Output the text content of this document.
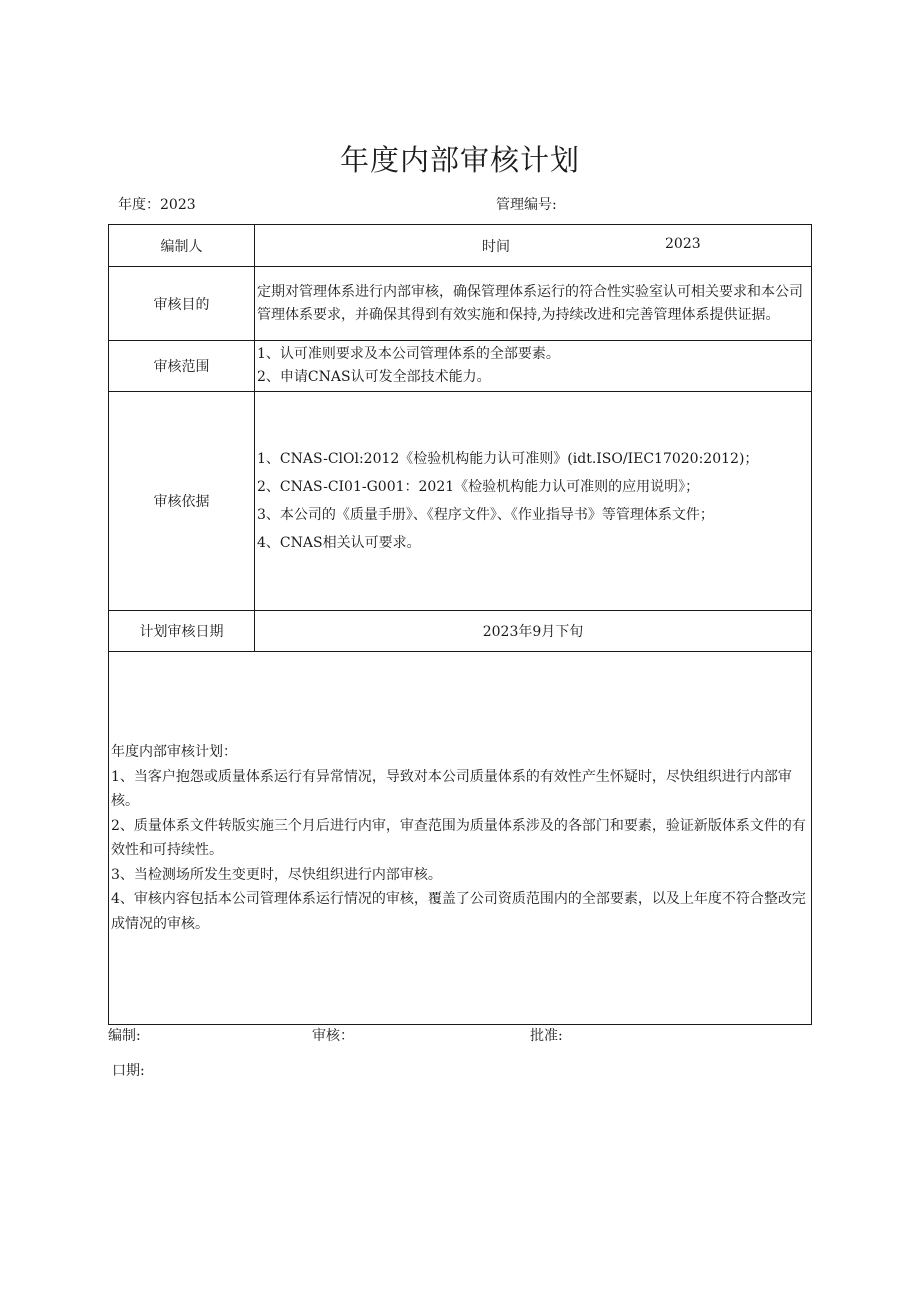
年度内部审核计划
年度：2023	管理编号:
编制人	时间 2023

审核目的	定期对管理体系进行内部审核，确保管理体系运行的符合性实验室认可相关要求和本公司管理体系要求，并确保其得到有效实施和保持,为持续改进和完善管理体系提供证据。

审核范围	1、认可准则要求及本公司管理体系的全部要素。

2、申请CNAS认可发全部技术能力。

审核依据	1、CNAS-ClOl:2012《检验机构能力认可准则》(idt.ISO/IEC17020:2012)；

2、CNAS-CI01-G001：2021《检验机构能力认可准则的应用说明》；

3、本公司的《质量手册》、《程序文件》、《作业指导书》等管理体系文件；

4、CNAS相关认可要求。

计划审核日期	2023年9月下旬

年度内部审核计划：

1、当客户抱怨或质量体系运行有异常情况，导致对本公司质量体系的有效性产生怀疑时，尽快组织进行内部审核。

2、质量体系文件转版实施三个月后进行内审，审查范围为质量体系涉及的各部门和要素，验证新版体系文件的有效性和可持续性。

3、当检测场所发生变更时，尽快组织进行内部审核。

4、审核内容包括本公司管理体系运行情况的审核，覆盖了公司资质范围内的全部要素，以及上年度不符合整改完成情况的审核。	

编制:	审核：	批准:
口期:
